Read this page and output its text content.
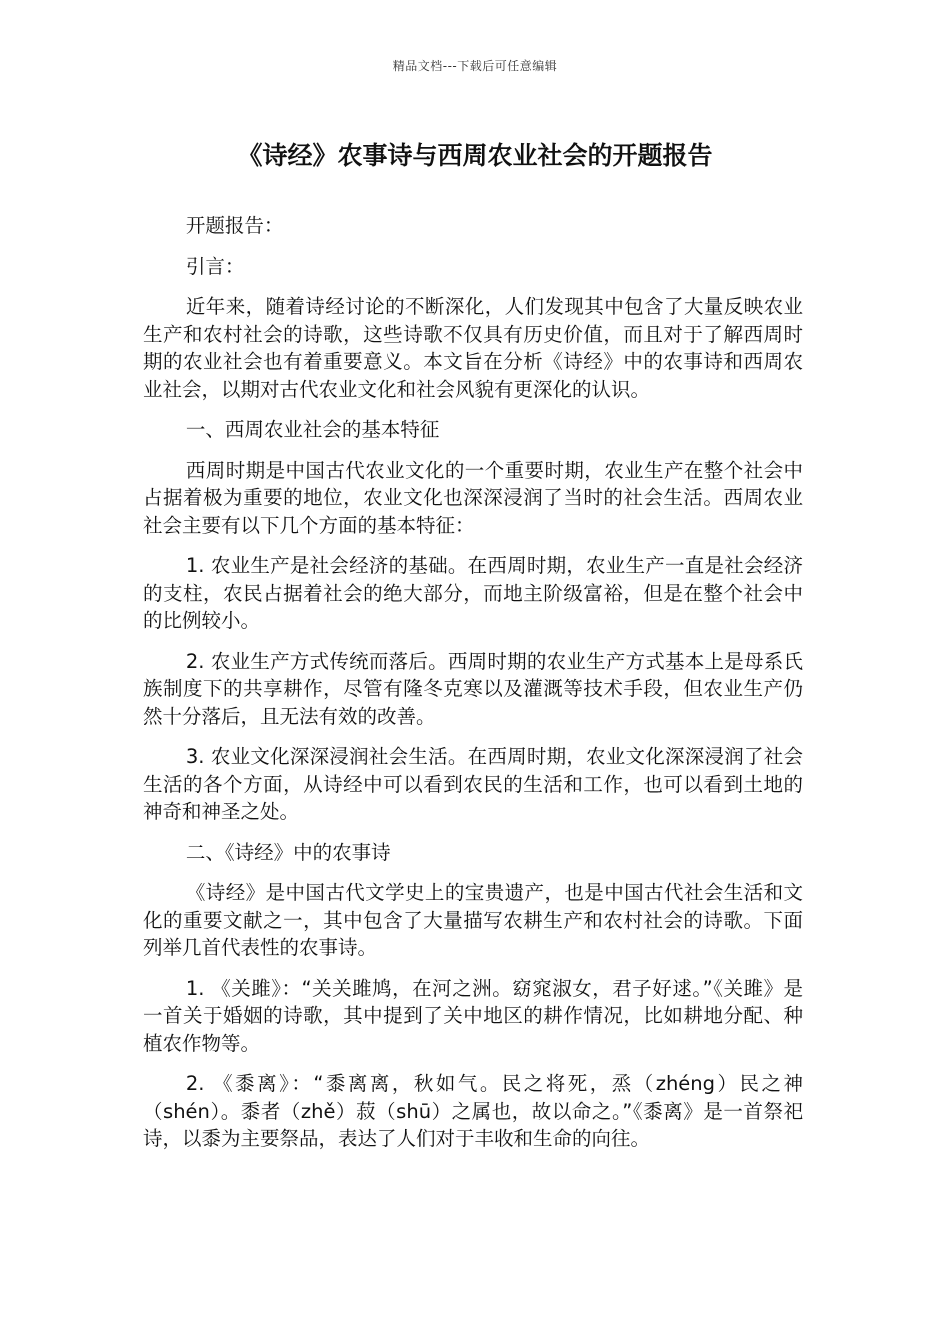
精品文档---下载后可任意编辑
《诗经》农事诗与西周农业社会的开题报告

开题报告：

引言：

近年来，随着诗经讨论的不断深化，人们发现其中包含了大量反映农业生产和农村社会的诗歌，这些诗歌不仅具有历史价值，而且对于了解西周时期的农业社会也有着重要意义。本文旨在分析《诗经》中的农事诗和西周农业社会，以期对古代农业文化和社会风貌有更深化的认识。

一、西周农业社会的基本特征

西周时期是中国古代农业文化的一个重要时期，农业生产在整个社会中占据着极为重要的地位，农业文化也深深浸润了当时的社会生活。西周农业社会主要有以下几个方面的基本特征：

1. 农业生产是社会经济的基础。在西周时期，农业生产一直是社会经济的支柱，农民占据着社会的绝大部分，而地主阶级富裕，但是在整个社会中的比例较小。

2. 农业生产方式传统而落后。西周时期的农业生产方式基本上是母系氏族制度下的共享耕作，尽管有隆冬克寒以及灌溉等技术手段，但农业生产仍然十分落后，且无法有效的改善。

3. 农业文化深深浸润社会生活。在西周时期，农业文化深深浸润了社会生活的各个方面，从诗经中可以看到农民的生活和工作，也可以看到土地的神奇和神圣之处。

二、《诗经》中的农事诗

《诗经》是中国古代文学史上的宝贵遗产，也是中国古代社会生活和文化的重要文献之一，其中包含了大量描写农耕生产和农村社会的诗歌。下面列举几首代表性的农事诗。

1. 《关雎》：“关关雎鸠，在河之洲。窈窕淑女，君子好逑。”《关雎》是一首关于婚姻的诗歌，其中提到了关中地区的耕作情况，比如耕地分配、种植农作物等。

2. 《黍离》：“黍离离，秋如气。民之将死，烝（zhéng）民之神（shén）。黍者（zhě）菽（shū）之属也，故以命之。”《黍离》是一首祭祀诗，以黍为主要祭品，表达了人们对于丰收和生命的向往。
